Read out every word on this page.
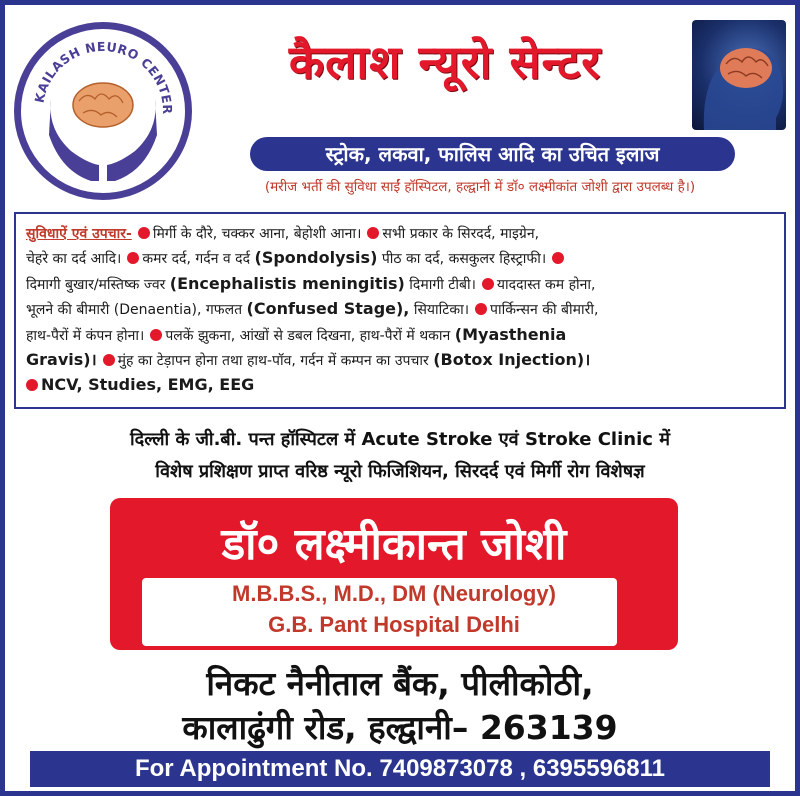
KAILASH NEURO CENTER
कैलाश न्यूरो सेन्टर
स्ट्रोक, लकवा, फालिस आदि का उचित इलाज
(मरीज भर्ती की सुविधा साईं हॉस्पिटल, हल्द्वानी में डॉ० लक्ष्मीकांत जोशी द्वारा उपलब्ध है।)
सुविधाऐं एवं उपचार- मिर्गी के दौरे, चक्कर आना, बेहोशी आना। सभी प्रकार के सिरदर्द, माइग्रेन,
चेहरे का दर्द आदि। कमर दर्द, गर्दन व दर्द (Spondolysis) पीठ का दर्द, कसकुलर हिस्ट्राफी।
दिमागी बुखार/मस्तिष्क ज्वर (Encephalistis meningitis) दिमागी टीबी। याददास्त कम होना,
भूलने की बीमारी (Denaentia), गफलत (Confused Stage), सियाटिका। पार्किन्सन की बीमारी,
हाथ-पैरों में कंपन होना। पलकें झुकना, आंखों से डबल दिखना, हाथ-पैरों में थकान (Myasthenia
Gravis)। मुंह का टेड़ापन होना तथा हाथ-पॉव, गर्दन में कम्पन का उपचार (Botox Injection)।
NCV, Studies, EMG, EEG
दिल्ली के जी.बी. पन्त हॉस्पिटल में Acute Stroke एवं Stroke Clinic में
विशेष प्रशिक्षण प्राप्त वरिष्ठ न्यूरो फिजिशियन, सिरदर्द एवं मिर्गी रोग विशेषज्ञ
डॉ० लक्ष्मीकान्त जोशी
M.B.B.S., M.D., DM (Neurology)
G.B. Pant Hospital Delhi
निकट नैनीताल बैंक, पीलीकोठी,
कालाढुंगी रोड, हल्द्वानी– 263139
For Appointment No. 7409873078 , 6395596811
